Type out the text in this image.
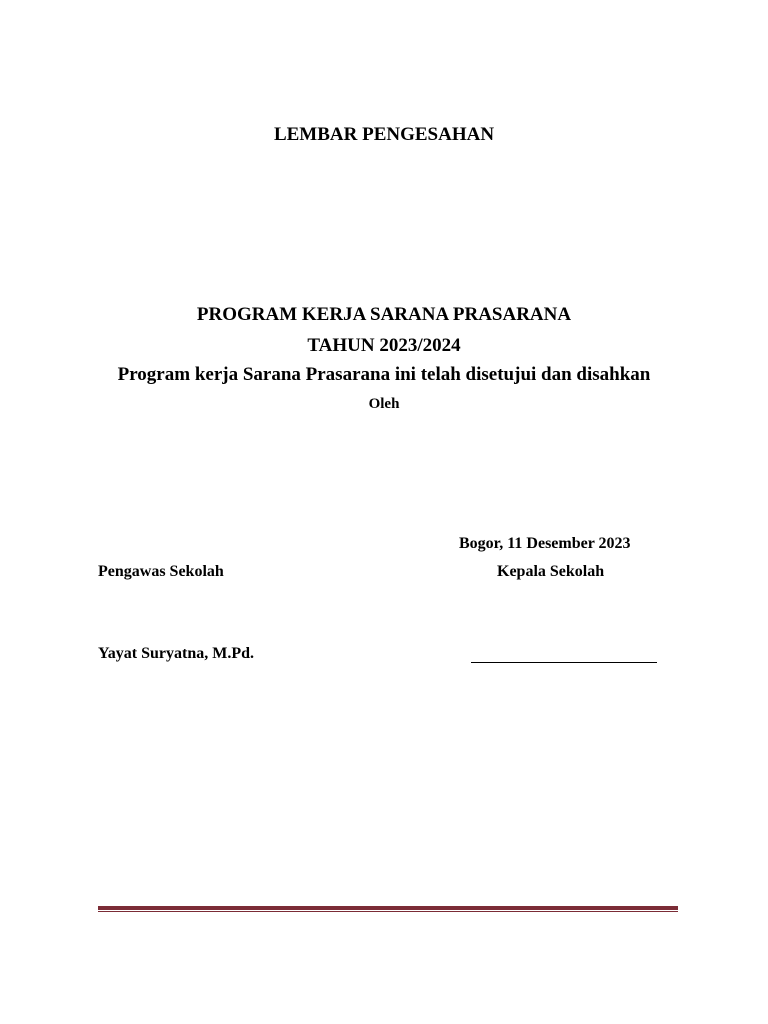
LEMBAR PENGESAHAN
PROGRAM KERJA SARANA PRASARANA
TAHUN 2023/2024
Program kerja Sarana Prasarana ini telah disetujui dan disahkan
Oleh
Bogor, 11 Desember 2023
Pengawas Sekolah	Kepala Sekolah
Yayat Suryatna, M.Pd.
